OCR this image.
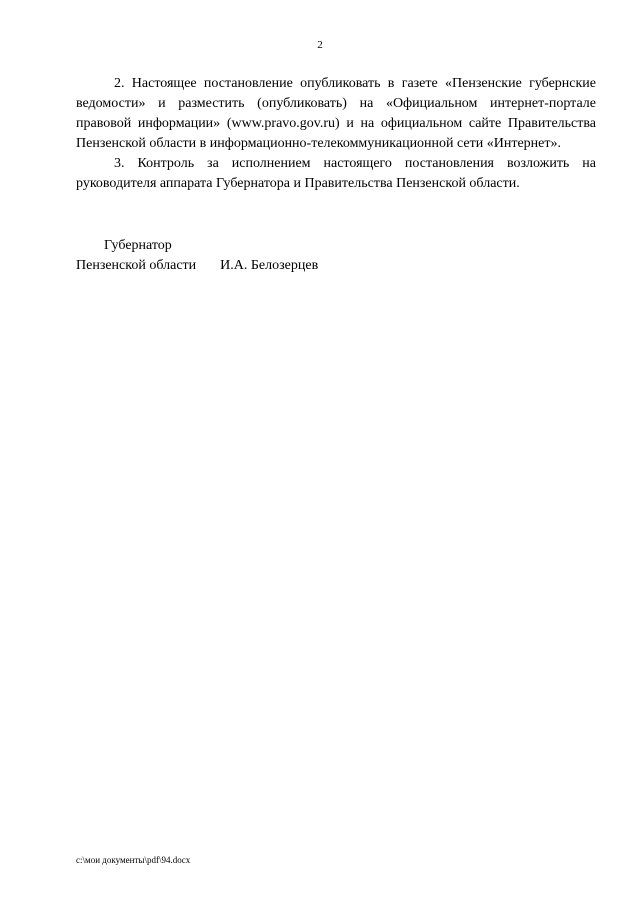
2

2. Настоящее постановление опубликовать в газете «Пензенские губернские ведомости» и разместить (опубликовать) на «Официальном интернет-портале правовой информации» (www.pravo.gov.ru) и на официальном сайте Правительства Пензенской области в информационно-телекоммуникационной сети «Интернет».

3. Контроль за исполнением настоящего постановления возложить на руководителя аппарата Губернатора и Правительства Пензенской области.

Губернатор
Пензенской области И.А. Белозерцев
c:\мои документы\pdf\94.docx
